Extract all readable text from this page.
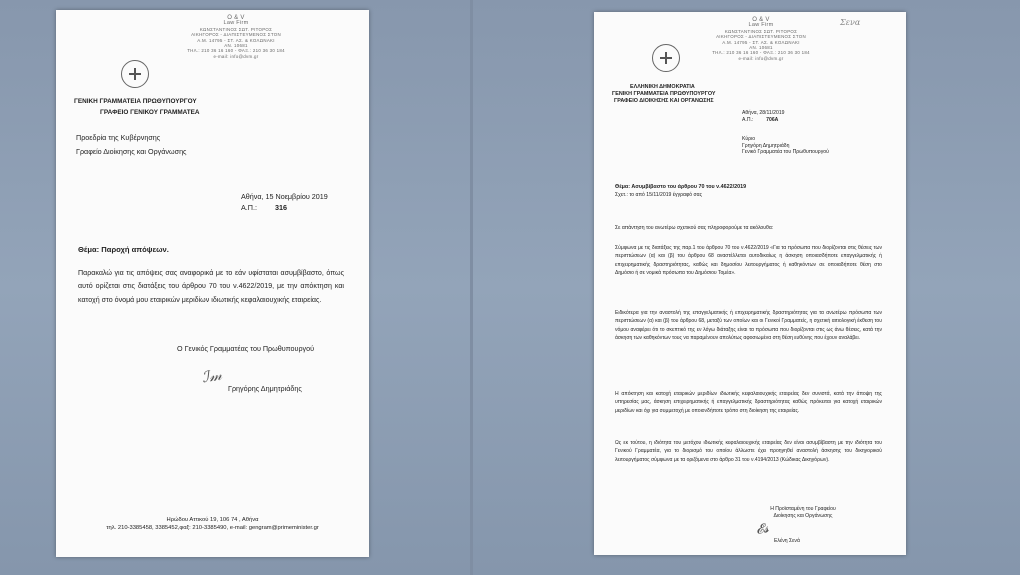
Ο & V
Law Firm
ΚΩΝΣΤΑΝΤΙΝΟΣ ΣΩΤ. ΡΙΤΟΡΟΣ
ΑΙΚΗΓΟΡΟΣ - ΔΙΑΠΙΣΤΕΥΜΕΝΟΣ ΣΤΟΝ
Α.Μ. 14795 - ΣΤ. ΑΣ. & ΚΟΛΩΝΑΚΙ
ΑΝ. 10681
ΤΗΛ.: 210 36 16 160 - ΦΑΞ.: 210 36 30 184
e-mail: info@dvm.gr
ΓΕΝΙΚΗ ΓΡΑΜΜΑΤΕΙΑ ΠΡΩΘΥΠΟΥΡΓΟΥ
ΓΡΑΦΕΙΟ ΓΕΝΙΚΟΥ ΓΡΑΜΜΑΤΕΑ
Προεδρία της Κυβέρνησης
Γραφείο Διοίκησης και Οργάνωσης
Αθήνα, 15 Νοεμβρίου 2019
Α.Π.:	316
Θέμα: Παροχή απόψεων.
Παρακαλώ για τις απόψεις σας αναφορικά με το εάν υφίσταται ασυμβίβαστο, όπως αυτό ορίζεται στις διατάξεις του άρθρου 70 του ν.4622/2019, με την απόκτηση και κατοχή στο όνομά μου εταιρικών μεριδίων ιδιωτικής κεφαλαιουχικής εταιρείας.
Ο Γενικός Γραμματέας του Πρωθυπουργού
ℐ𝓂
Γρηγόρης Δημητριάδης
Ηρώδου Αττικού 19, 106 74 , Αθήνα
τηλ. 210-3385458, 3385452,φαξ: 210-3385490, e-mail: gengram@primeminister.gr
Ο & V
Law Firm
ΚΩΝΣΤΑΝΤΙΝΟΣ ΣΩΤ. ΡΙΤΟΡΟΣ
ΑΙΚΗΓΟΡΟΣ - ΔΙΑΠΙΣΤΕΥΜΕΝΟΣ ΣΤΟΝ
Α.Μ. 14795 - ΣΤ. ΑΣ. & ΚΟΛΩΝΑΚΙ
ΑΝ. 10681
ΤΗΛ.: 210 36 16 160 - ΦΑΞ.: 210 36 30 184
e-mail: info@dvm.gr
Σενα
ΕΛΛΗΝΙΚΗ ΔΗΜΟΚΡΑΤΙΑ
ΓΕΝΙΚΗ ΓΡΑΜΜΑΤΕΙΑ ΠΡΩΘΥΠΟΥΡΓΟΥ
ΓΡΑΦΕΙΟ ΔΙΟΙΚΗΣΗΣ ΚΑΙ ΟΡΓΑΝΩΣΗΣ
Αθήνα, 28/11/2019
Α.Π.:	706Α
Κύριο
Γρηγόρη Δημητριάδη
Γενικό Γραμματέα του Πρωθυπουργού
Θέμα: Ασυμβίβαστο του άρθρου 70 του ν.4622/2019
Σχετ.: το από 15/11/2019 έγγραφό σας
Σε απάντηση του ανωτέρω σχετικού σας πληροφορούμε τα ακόλουθα:
Σύμφωνα με τις διατάξεις της παρ.1 του άρθρου 70 του ν.4622/2019 «Για τα πρόσωπα που διορίζονται στις θέσεις των περιπτώσεων (α) και (β) του άρθρου 68 αναστέλλεται αυτοδικαίως η άσκηση οποιασδήποτε επαγγελματικής ή επιχειρηματικής δραστηριότητας, καθώς και δημοσίου λειτουργήματος ή καθηκόντων σε οποιαδήποτε θέση στο Δημόσιο ή σε νομικά πρόσωπα του Δημόσιου Τομέα».
Ειδικότερα για την αναστολή της επαγγελματικής ή επιχειρηματικής δραστηριότητας για τα ανωτέρω πρόσωπα των περιπτώσεων (α) και (β) του άρθρου 68, μεταξύ των οποίων και οι Γενικοί Γραμματείς, η σχετική αιτιολογική έκθεση του νόμου αναφέρει ότι το σκεπτικό της εν λόγω διάταξης είναι τα πρόσωπα που διορίζονται στις ως άνω θέσεις, κατά την άσκηση των καθηκόντων τους να παραμένουν απολύτως αφοσιωμένα στη θέση ευθύνης που έχουν αναλάβει.
Η απόκτηση και κατοχή εταιρικών μεριδίων ιδιωτικής κεφαλαιουχικής εταιρείας δεν συνιστά, κατά την άποψη της υπηρεσίας μας, άσκηση επιχειρηματικής ή επαγγελματικής δραστηριότητας καθώς πρόκειται για κατοχή εταιρικών μεριδίων και όχι για συμμετοχή με οποιονδήποτε τρόπο στη διοίκηση της εταιρείας.
Ως εκ τούτου, η ιδιότητα του μετόχου ιδιωτικής κεφαλαιουχικής εταιρείας δεν είναι ασυμβίβαστη με την ιδιότητα του Γενικού Γραμματέα, για το διορισμό του οποίου άλλωστε έχει προηγηθεί αναστολή άσκησης του δικηγορικού λειτουργήματος σύμφωνα με τα οριζόμενα στο άρθρο 31 του ν.4194/2013 (Κώδικας Δικηγόρων).
Η Προϊσταμένη του Γραφείου
Διοίκησης και Οργάνωσης
𝓔𝓼
Ελένη Σενά
